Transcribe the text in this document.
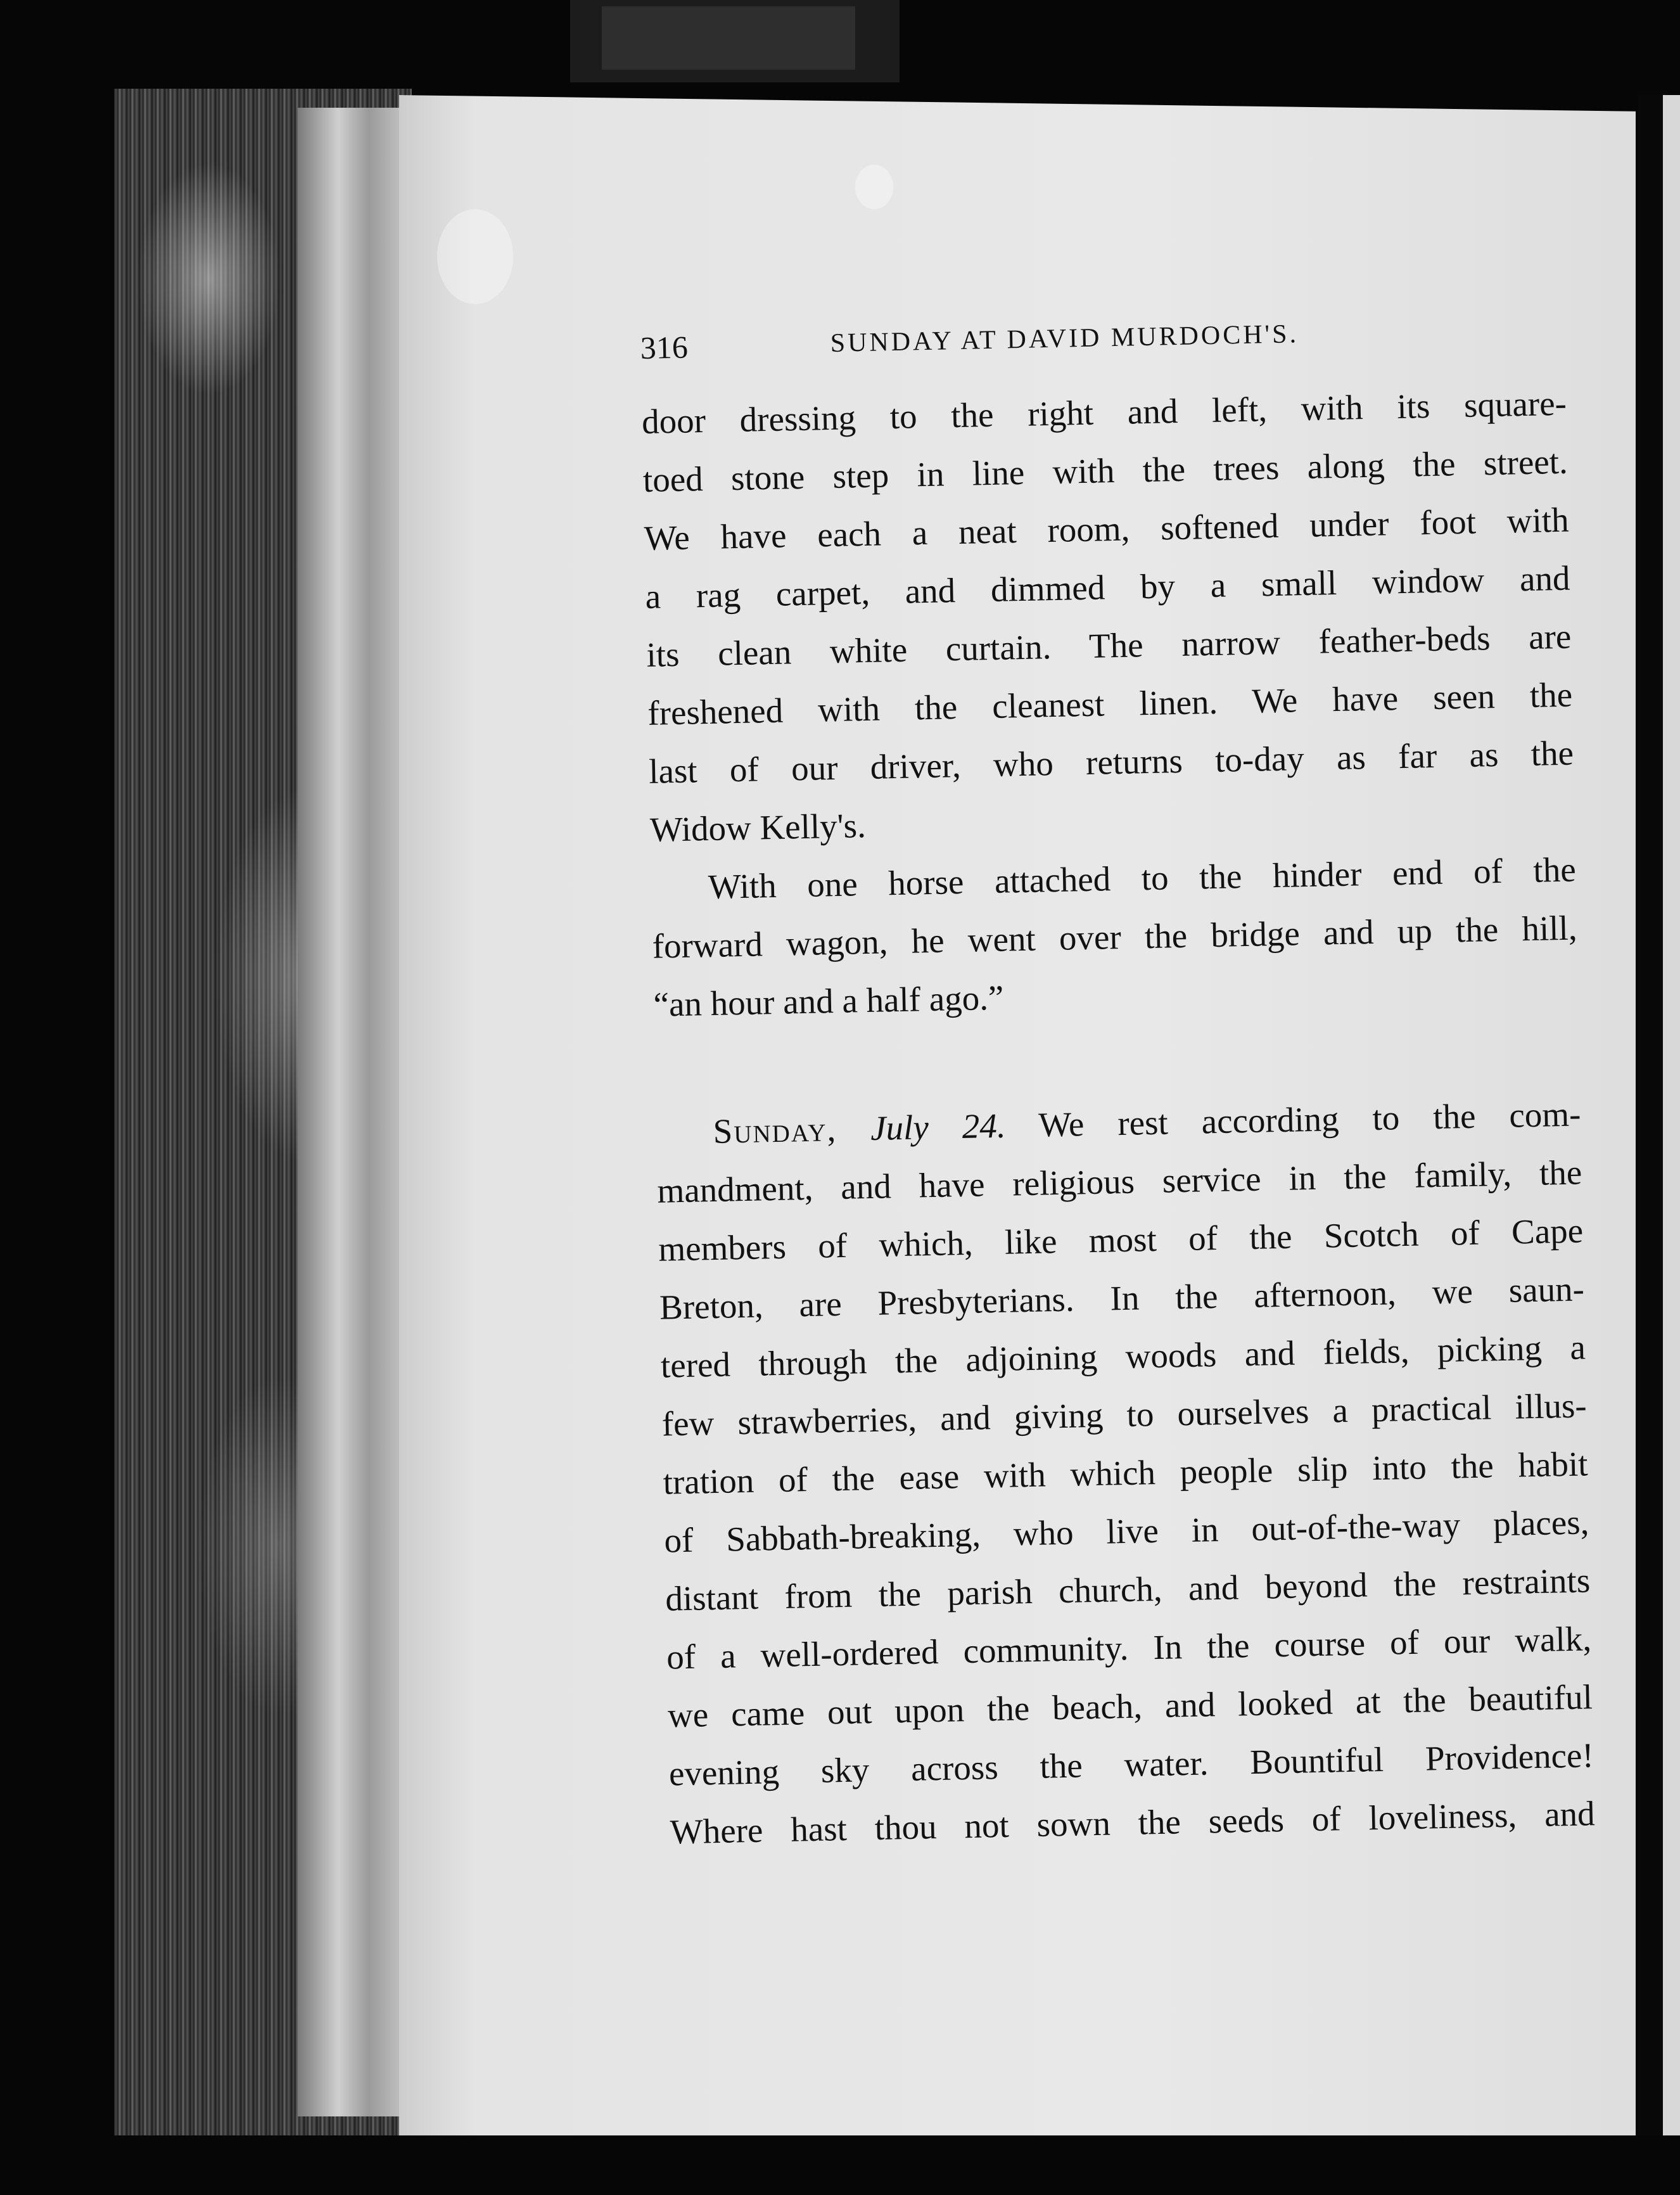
316	SUNDAY AT DAVID MURDOCH'S.
door dressing to the right and left, with its square-
toed stone step in line with the trees along the street.
We have each a neat room, softened under foot with
a rag carpet, and dimmed by a small window and
its clean white curtain. The narrow feather-beds are
freshened with the cleanest linen. We have seen the
last of our driver, who returns to-day as far as the
Widow Kelly's.
With one horse attached to the hinder end of the
forward wagon, he went over the bridge and up the hill,
“an hour and a half ago.”
Sunday, July 24. We rest according to the com-
mandment, and have religious service in the family, the
members of which, like most of the Scotch of Cape
Breton, are Presbyterians. In the afternoon, we saun-
tered through the adjoining woods and fields, picking a
few strawberries, and giving to ourselves a practical illus-
tration of the ease with which people slip into the habit
of Sabbath-breaking, who live in out-of-the-way places,
distant from the parish church, and beyond the restraints
of a well-ordered community. In the course of our walk,
we came out upon the beach, and looked at the beautiful
evening sky across the water. Bountiful Providence!
Where hast thou not sown the seeds of loveliness, and
